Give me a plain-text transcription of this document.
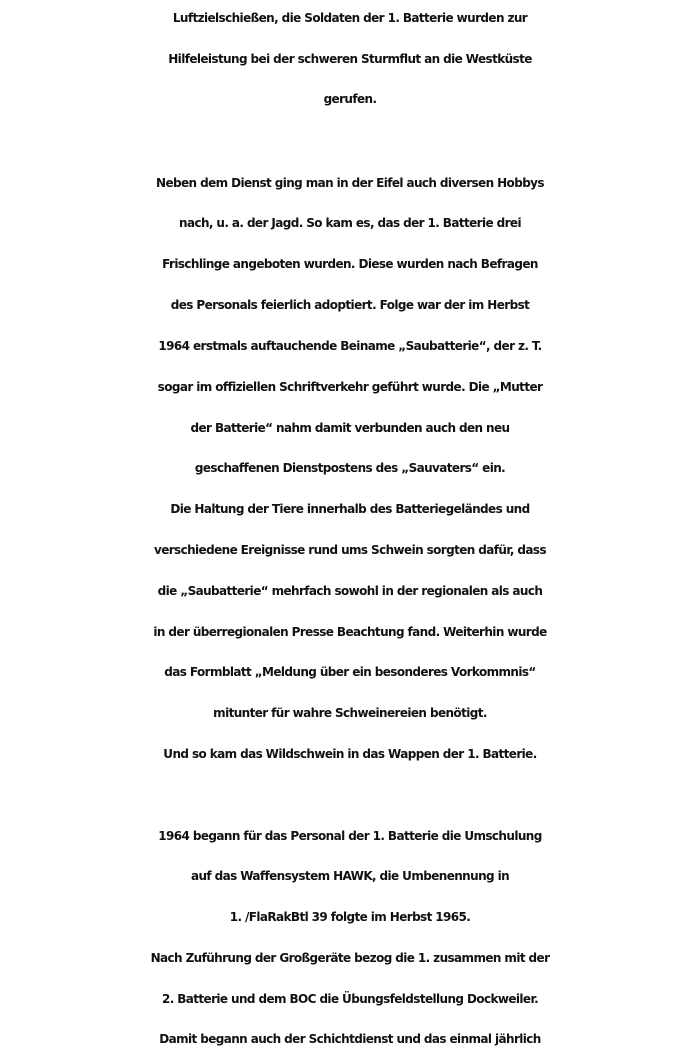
Luftzielschießen, die Soldaten der 1. Batterie wurden zur
Hilfeleistung bei der schweren Sturmflut an die Westküste
gerufen.
Neben dem Dienst ging man in der Eifel auch diversen Hobbys
nach, u. a. der Jagd. So kam es, das der 1. Batterie drei
Frischlinge angeboten wurden. Diese wurden nach Befragen
des Personals feierlich adoptiert. Folge war der im Herbst
1964 erstmals auftauchende Beiname „Saubatterie“, der z. T.
sogar im offiziellen Schriftverkehr geführt wurde. Die „Mutter
der Batterie“ nahm damit verbunden auch den neu
geschaffenen Dienstpostens des „Sauvaters“ ein.
Die Haltung der Tiere innerhalb des Batteriegeländes und
verschiedene Ereignisse rund ums Schwein sorgten dafür, dass
die „Saubatterie“ mehrfach sowohl in der regionalen als auch
in der überregionalen Presse Beachtung fand. Weiterhin wurde
das Formblatt „Meldung über ein besonderes Vorkommnis“
mitunter für wahre Schweinereien benötigt.
Und so kam das Wildschwein in das Wappen der 1. Batterie.
1964 begann für das Personal der 1. Batterie die Umschulung
auf das Waffensystem HAWK, die Umbenennung in
1. /FlaRakBtl 39 folgte im Herbst 1965.
Nach Zuführung der Großgeräte bezog die 1. zusammen mit der
2. Batterie und dem BOC die Übungsfeldstellung Dockweiler.
Damit begann auch der Schichtdienst und das einmal jährlich
